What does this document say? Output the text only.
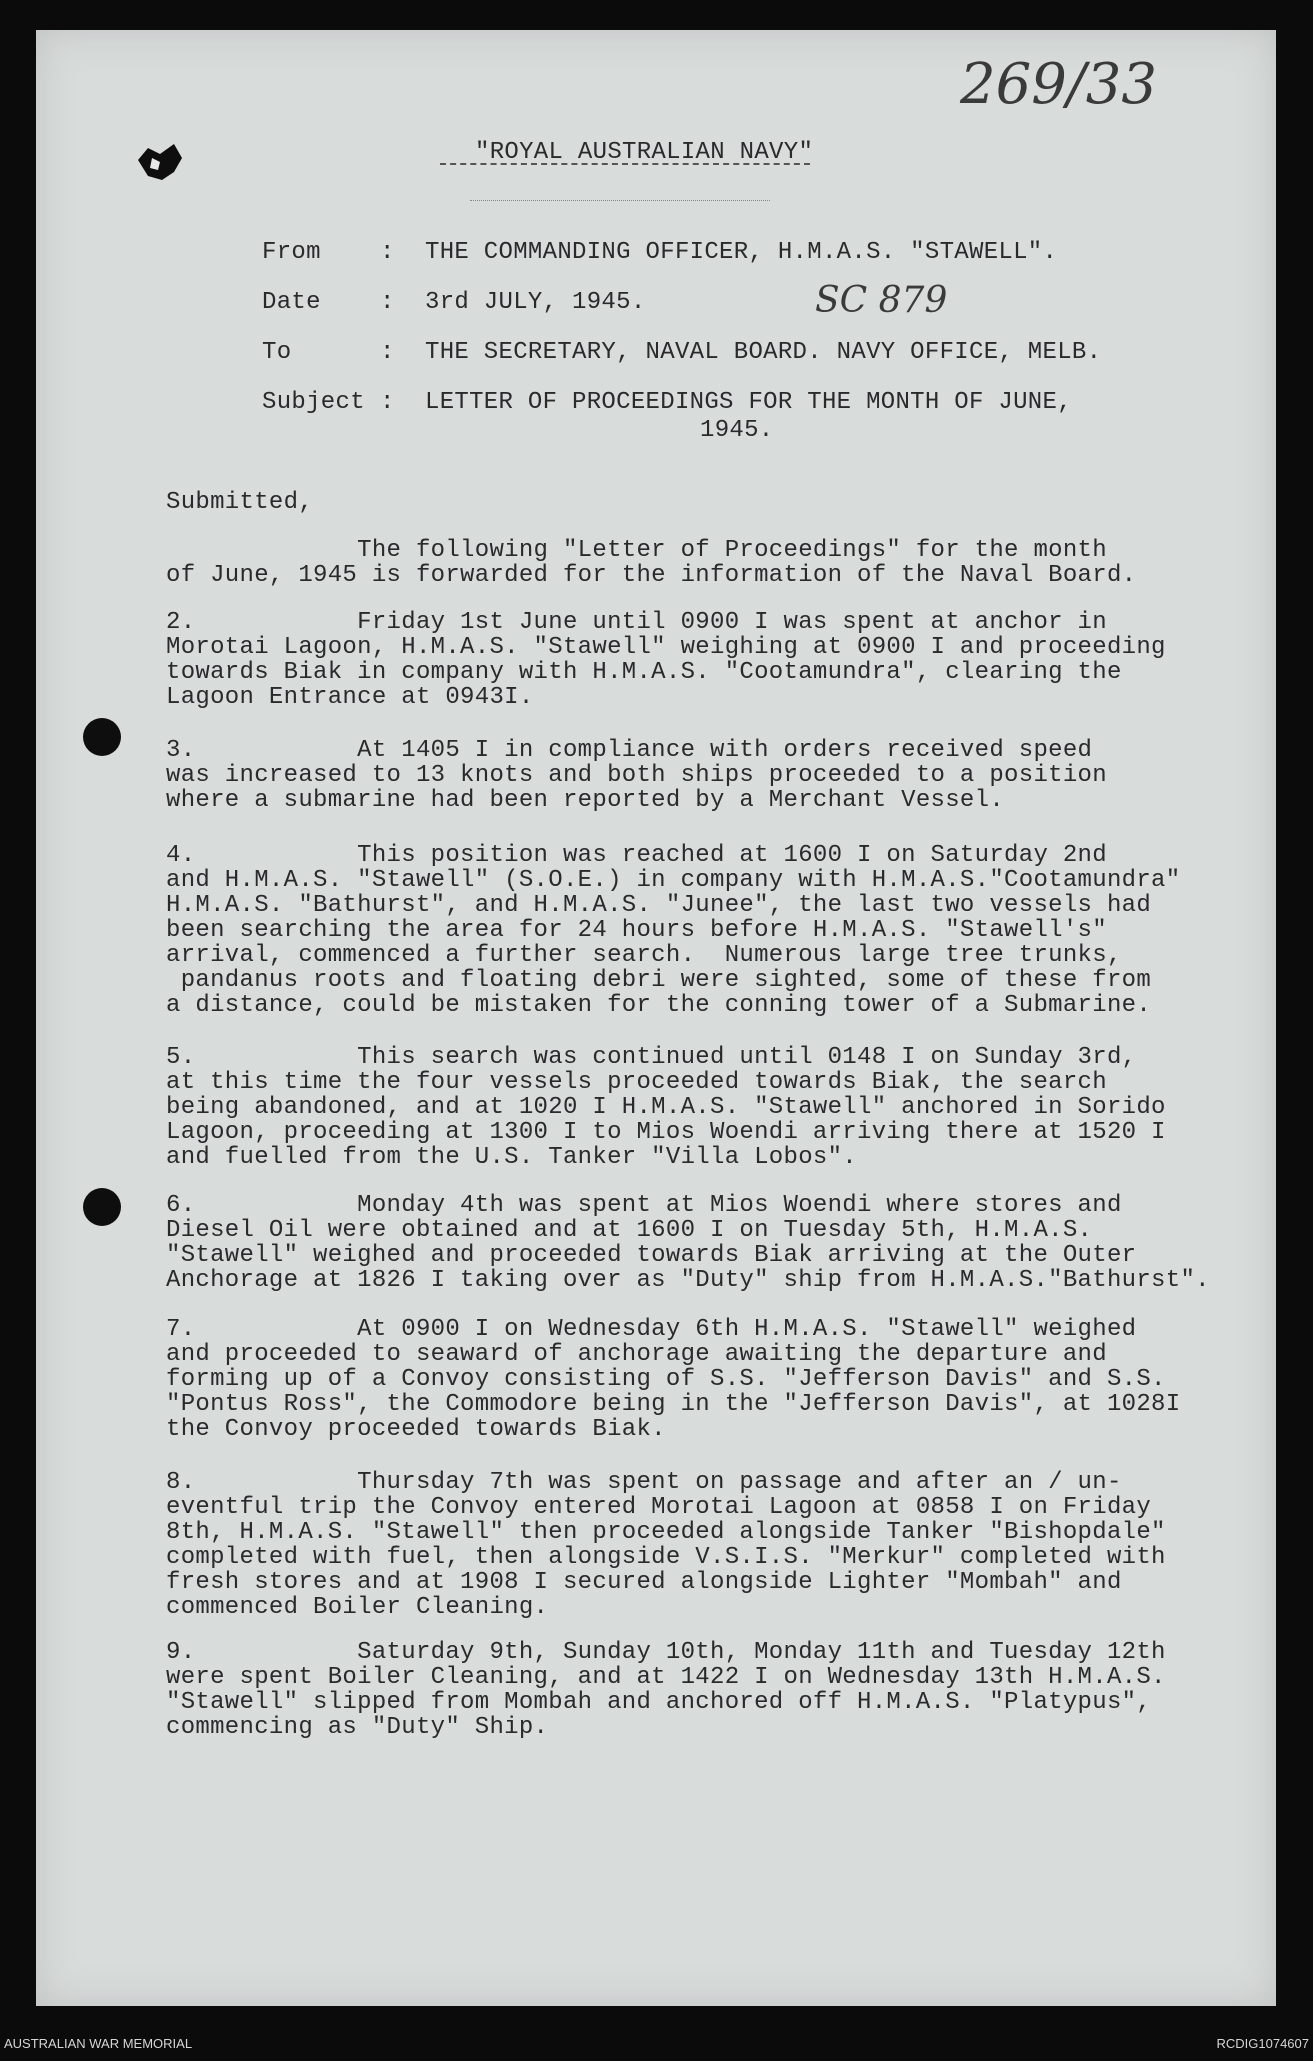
269/33
"ROYAL AUSTRALIAN NAVY"
From : THE COMMANDING OFFICER, H.M.A.S. "STAWELL".
Date : 3rd JULY, 1945.	SC 879
To	: THE SECRETARY, NAVAL BOARD. NAVY OFFICE, MELB.
Subject : LETTER OF PROCEEDINGS FOR THE MONTH OF JUNE,
1945.
Submitted,
The following "Letter of Proceedings" for the month
of June, 1945 is forwarded for the information of the Naval Board.
2.           Friday 1st June until 0900 I was spent at anchor in
Morotai Lagoon, H.M.A.S. "Stawell" weighing at 0900 I and proceeding
towards Biak in company with H.M.A.S. "Cootamundra", clearing the
Lagoon Entrance at 0943I.
3.           At 1405 I in compliance with orders received speed
was increased to 13 knots and both ships proceeded to a position
where a submarine had been reported by a Merchant Vessel.
4.           This position was reached at 1600 I on Saturday 2nd
and H.M.A.S. "Stawell" (S.O.E.) in company with H.M.A.S."Cootamundra"
H.M.A.S. "Bathurst", and H.M.A.S. "Junee", the last two vessels had
been searching the area for 24 hours before H.M.A.S. "Stawell's"
arrival, commenced a further search.  Numerous large tree trunks,
pandanus roots and floating debri were sighted, some of these from
a distance, could be mistaken for the conning tower of a Submarine.
5.           This search was continued until 0148 I on Sunday 3rd,
at this time the four vessels proceeded towards Biak, the search
being abandoned, and at 1020 I H.M.A.S. "Stawell" anchored in Sorido
Lagoon, proceeding at 1300 I to Mios Woendi arriving there at 1520 I
and fuelled from the U.S. Tanker "Villa Lobos".
6.           Monday 4th was spent at Mios Woendi where stores and
Diesel Oil were obtained and at 1600 I on Tuesday 5th, H.M.A.S.
"Stawell" weighed and proceeded towards Biak arriving at the Outer
Anchorage at 1826 I taking over as "Duty" ship from H.M.A.S."Bathurst".
7.           At 0900 I on Wednesday 6th H.M.A.S. "Stawell" weighed
and proceeded to seaward of anchorage awaiting the departure and
forming up of a Convoy consisting of S.S. "Jefferson Davis" and S.S.
"Pontus Ross", the Commodore being in the "Jefferson Davis", at 1028I
the Convoy proceeded towards Biak.
8.           Thursday 7th was spent on passage and after an / un-
eventful trip the Convoy entered Morotai Lagoon at 0858 I on Friday
8th, H.M.A.S. "Stawell" then proceeded alongside Tanker "Bishopdale"
completed with fuel, then alongside V.S.I.S. "Merkur" completed with
fresh stores and at 1908 I secured alongside Lighter "Mombah" and
commenced Boiler Cleaning.
9.           Saturday 9th, Sunday 10th, Monday 11th and Tuesday 12th
were spent Boiler Cleaning, and at 1422 I on Wednesday 13th H.M.A.S.
"Stawell" slipped from Mombah and anchored off H.M.A.S. "Platypus",
commencing as "Duty" Ship.
AUSTRALIAN WAR MEMORIAL	RCDIG1074607
